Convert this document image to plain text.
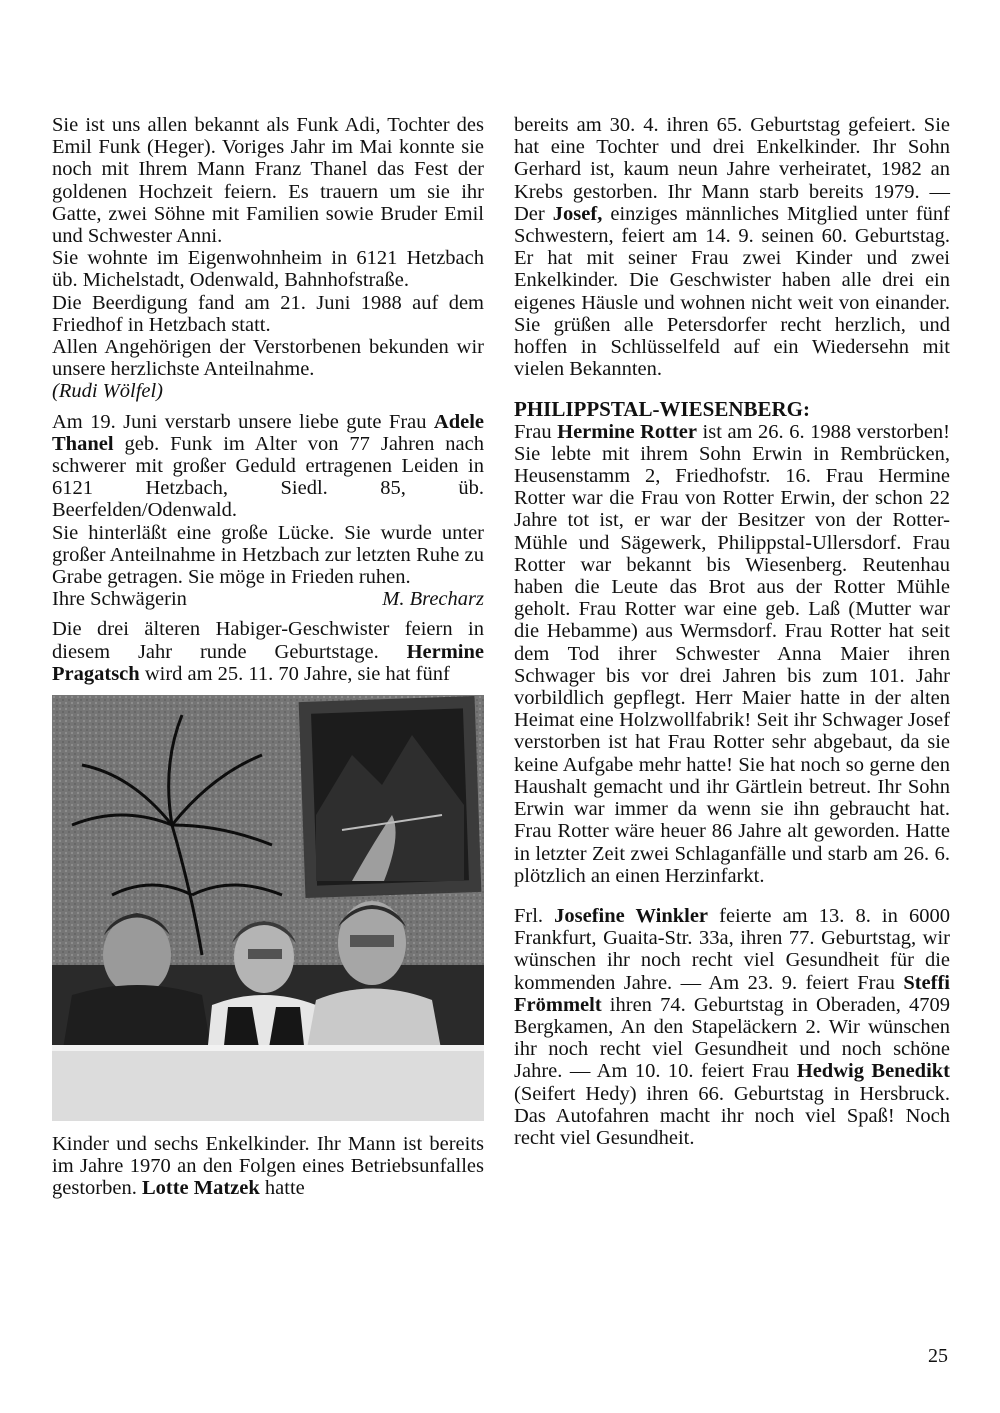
Sie ist uns allen bekannt als Funk Adi, Tochter des Emil Funk (Heger). Voriges Jahr im Mai konnte sie noch mit Ihrem Mann Franz Thanel das Fest der goldenen Hochzeit feiern. Es trauern um sie ihr Gatte, zwei Söhne mit Familien sowie Bruder Emil und Schwester Anni.

Sie wohnte im Eigenwohnheim in 6121 Hetzbach üb. Michelstadt, Odenwald, Bahnhofstraße.

Die Beerdigung fand am 21. Juni 1988 auf dem Friedhof in Hetzbach statt.

Allen Angehörigen der Verstorbenen bekunden wir unsere herzlichste Anteilnahme.

(Rudi Wölfel)

Am 19. Juni verstarb unsere liebe gute Frau Adele Thanel geb. Funk im Alter von 77 Jahren nach schwerer mit großer Geduld ertragenen Leiden in 6121 Hetzbach, Siedl. 85, üb. Beerfelden/Odenwald.

Sie hinterläßt eine große Lücke. Sie wurde unter großer Anteilnahme in Hetzbach zur letzten Ruhe zu Grabe getragen. Sie möge in Frieden ruhen.

Ihre Schwägerin	M. Brecharz

Die drei älteren Habiger-Geschwister feiern in diesem Jahr runde Geburtstage. Hermine Pragatsch wird am 25. 11. 70 Jahre, sie hat fünf

Kinder und sechs Enkelkinder. Ihr Mann ist bereits im Jahre 1970 an den Folgen eines Betriebsunfalles gestorben. Lotte Matzek hatte

bereits am 30. 4. ihren 65. Geburtstag gefeiert. Sie hat eine Tochter und drei Enkelkinder. Ihr Sohn Gerhard ist, kaum neun Jahre verheiratet, 1982 an Krebs gestorben. Ihr Mann starb bereits 1979. — Der Josef, einziges männliches Mitglied unter fünf Schwestern, feiert am 14. 9. seinen 60. Geburtstag. Er hat mit seiner Frau zwei Kinder und zwei Enkelkinder. Die Geschwister haben alle drei ein eigenes Häusle und wohnen nicht weit von einander. Sie grüßen alle Petersdorfer recht herzlich, und hoffen in Schlüsselfeld auf ein Wiedersehn mit vielen Bekannten.

PHILIPPSTAL-WIESENBERG:

Frau Hermine Rotter ist am 26. 6. 1988 verstorben! Sie lebte mit ihrem Sohn Erwin in Rembrücken, Heusenstamm 2, Friedhofstr. 16. Frau Hermine Rotter war die Frau von Rotter Erwin, der schon 22 Jahre tot ist, er war der Besitzer von der Rotter-Mühle und Sägewerk, Philippstal-Ullersdorf. Frau Rotter war bekannt bis Wiesenberg. Reutenhau haben die Leute das Brot aus der Rotter Mühle geholt. Frau Rotter war eine geb. Laß (Mutter war die Hebamme) aus Wermsdorf. Frau Rotter hat seit dem Tod ihrer Schwester Anna Maier ihren Schwager bis vor drei Jahren bis zum 101. Jahr vorbildlich gepflegt. Herr Maier hatte in der alten Heimat eine Holzwollfabrik! Seit ihr Schwager Josef verstorben ist hat Frau Rotter sehr abgebaut, da sie keine Aufgabe mehr hatte! Sie hat noch so gerne den Haushalt gemacht und ihr Gärtlein betreut. Ihr Sohn Erwin war immer da wenn sie ihn gebraucht hat. Frau Rotter wäre heuer 86 Jahre alt geworden. Hatte in letzter Zeit zwei Schlaganfälle und starb am 26. 6. plötzlich an einen Herzinfarkt.

Frl. Josefine Winkler feierte am 13. 8. in 6000 Frankfurt, Guaita-Str. 33a, ihren 77. Geburtstag, wir wünschen ihr noch recht viel Gesundheit für die kommenden Jahre. — Am 23. 9. feiert Frau Steffi Frömmelt ihren 74. Geburtstag in Oberaden, 4709 Bergkamen, An den Stapeläckern 2. Wir wünschen ihr noch recht viel Gesundheit und noch schöne Jahre. — Am 10. 10. feiert Frau Hedwig Benedikt (Seifert Hedy) ihren 66. Geburtstag in Hersbruck. Das Autofahren macht ihr noch viel Spaß! Noch recht viel Gesundheit.

25
